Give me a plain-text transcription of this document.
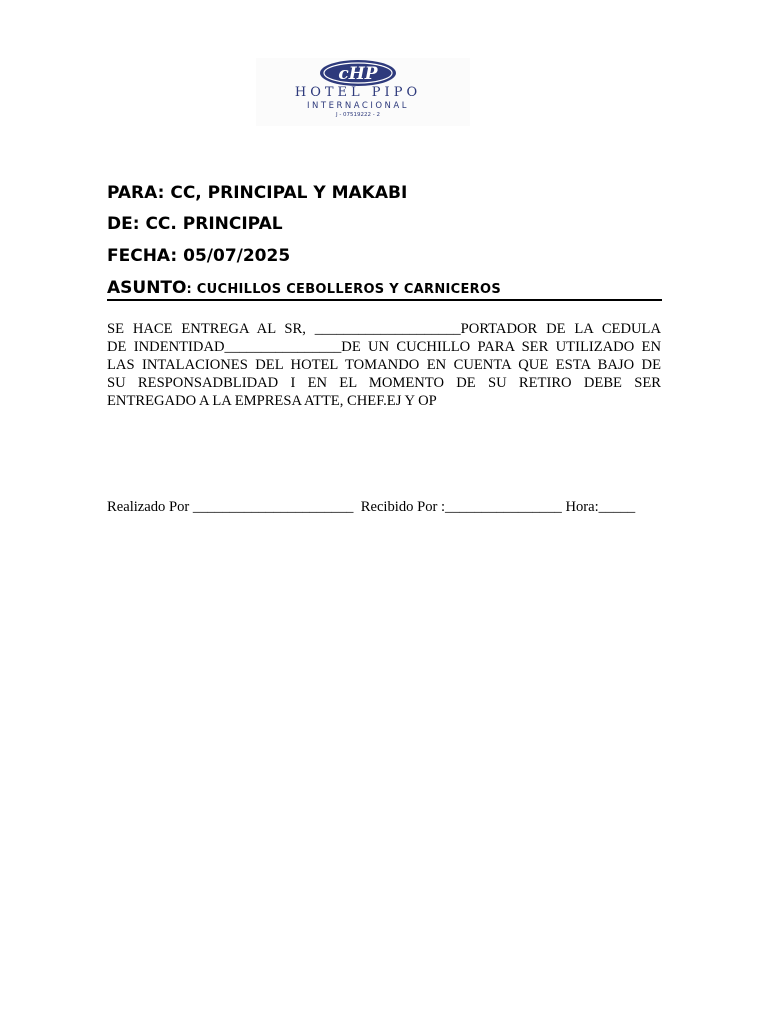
cHP
HOTEL PIPO
INTERNACIONAL
J - 07519222 - 2
PARA: CC, PRINCIPAL Y MAKABI
DE: CC. PRINCIPAL
FECHA: 05/07/2025
ASUNTO: CUCHILLOS CEBOLLEROS Y CARNICEROS
SE HACE ENTREGA AL SR, ____________________PORTADOR DE LA CEDULA
DE INDENTIDAD________________DE UN CUCHILLO PARA SER UTILIZADO EN
LAS INTALACIONES DEL HOTEL TOMANDO EN CUENTA QUE ESTA BAJO DE
SU RESPONSADBLIDAD I EN EL MOMENTO DE SU RETIRO DEBE SER
ENTREGADO A LA EMPRESA ATTE, CHEF.EJ Y OP
Realizado Por ______________________  Recibido Por :________________ Hora:_____
